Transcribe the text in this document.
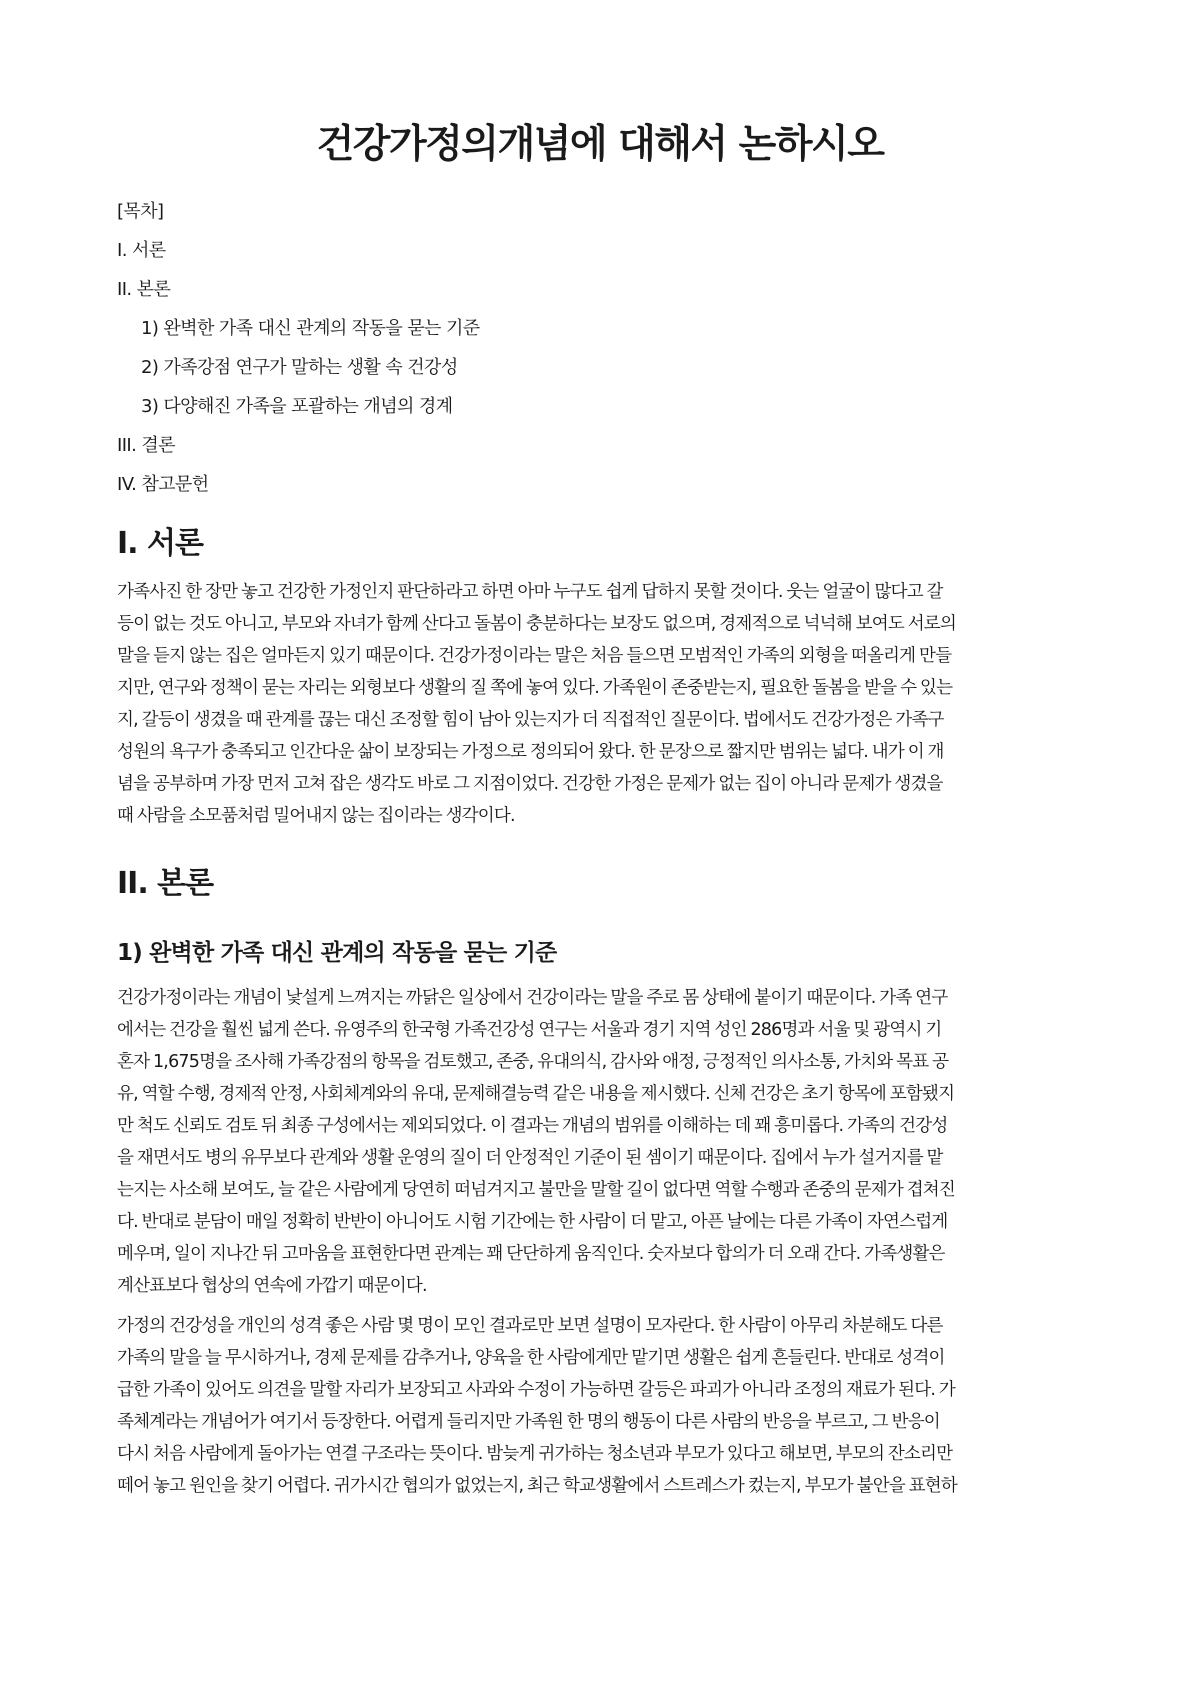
건강가정의개념에 대해서 논하시오
[목차]
I. 서론
II. 본론
1) 완벽한 가족 대신 관계의 작동을 묻는 기준
2) 가족강점 연구가 말하는 생활 속 건강성
3) 다양해진 가족을 포괄하는 개념의 경계
III. 결론
IV. 참고문헌
I. 서론

가족사진 한 장만 놓고 건강한 가정인지 판단하라고 하면 아마 누구도 쉽게 답하지 못할 것이다. 웃는 얼굴이 많다고 갈
등이 없는 것도 아니고, 부모와 자녀가 함께 산다고 돌봄이 충분하다는 보장도 없으며, 경제적으로 넉넉해 보여도 서로의
말을 듣지 않는 집은 얼마든지 있기 때문이다. 건강가정이라는 말은 처음 들으면 모범적인 가족의 외형을 떠올리게 만들
지만, 연구와 정책이 묻는 자리는 외형보다 생활의 질 쪽에 놓여 있다. 가족원이 존중받는지, 필요한 돌봄을 받을 수 있는
지, 갈등이 생겼을 때 관계를 끊는 대신 조정할 힘이 남아 있는지가 더 직접적인 질문이다. 법에서도 건강가정은 가족구
성원의 욕구가 충족되고 인간다운 삶이 보장되는 가정으로 정의되어 왔다. 한 문장으로 짧지만 범위는 넓다. 내가 이 개
념을 공부하며 가장 먼저 고쳐 잡은 생각도 바로 그 지점이었다. 건강한 가정은 문제가 없는 집이 아니라 문제가 생겼을
때 사람을 소모품처럼 밀어내지 않는 집이라는 생각이다.

II. 본론
1) 완벽한 가족 대신 관계의 작동을 묻는 기준

건강가정이라는 개념이 낯설게 느껴지는 까닭은 일상에서 건강이라는 말을 주로 몸 상태에 붙이기 때문이다. 가족 연구
에서는 건강을 훨씬 넓게 쓴다. 유영주의 한국형 가족건강성 연구는 서울과 경기 지역 성인 286명과 서울 및 광역시 기
혼자 1,675명을 조사해 가족강점의 항목을 검토했고, 존중, 유대의식, 감사와 애정, 긍정적인 의사소통, 가치와 목표 공
유, 역할 수행, 경제적 안정, 사회체계와의 유대, 문제해결능력 같은 내용을 제시했다. 신체 건강은 초기 항목에 포함됐지
만 척도 신뢰도 검토 뒤 최종 구성에서는 제외되었다. 이 결과는 개념의 범위를 이해하는 데 꽤 흥미롭다. 가족의 건강성
을 재면서도 병의 유무보다 관계와 생활 운영의 질이 더 안정적인 기준이 된 셈이기 때문이다. 집에서 누가 설거지를 맡
는지는 사소해 보여도, 늘 같은 사람에게 당연히 떠넘겨지고 불만을 말할 길이 없다면 역할 수행과 존중의 문제가 겹쳐진
다. 반대로 분담이 매일 정확히 반반이 아니어도 시험 기간에는 한 사람이 더 맡고, 아픈 날에는 다른 가족이 자연스럽게
메우며, 일이 지나간 뒤 고마움을 표현한다면 관계는 꽤 단단하게 움직인다. 숫자보다 합의가 더 오래 간다. 가족생활은
계산표보다 협상의 연속에 가깝기 때문이다.

가정의 건강성을 개인의 성격 좋은 사람 몇 명이 모인 결과로만 보면 설명이 모자란다. 한 사람이 아무리 차분해도 다른
가족의 말을 늘 무시하거나, 경제 문제를 감추거나, 양육을 한 사람에게만 맡기면 생활은 쉽게 흔들린다. 반대로 성격이
급한 가족이 있어도 의견을 말할 자리가 보장되고 사과와 수정이 가능하면 갈등은 파괴가 아니라 조정의 재료가 된다. 가
족체계라는 개념어가 여기서 등장한다. 어렵게 들리지만 가족원 한 명의 행동이 다른 사람의 반응을 부르고, 그 반응이
다시 처음 사람에게 돌아가는 연결 구조라는 뜻이다. 밤늦게 귀가하는 청소년과 부모가 있다고 해보면, 부모의 잔소리만
떼어 놓고 원인을 찾기 어렵다. 귀가시간 협의가 없었는지, 최근 학교생활에서 스트레스가 컸는지, 부모가 불안을 표현하
